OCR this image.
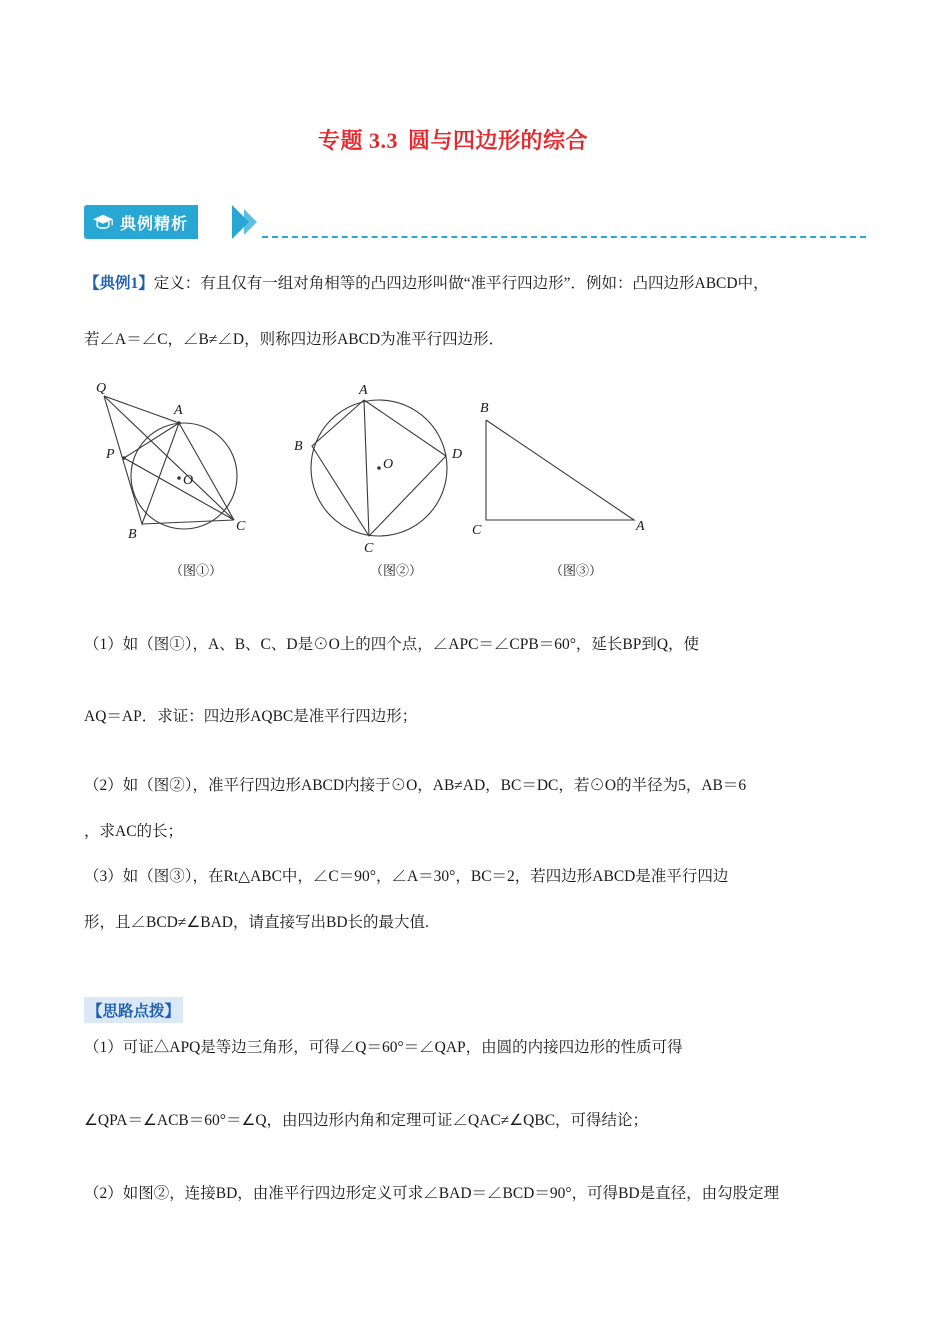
专题 3.3 圆与四边形的综合
典例精析
【典例1】定义：有且仅有一组对角相等的凸四边形叫做“准平行四边形”．例如：凸四边形ABCD中，
若∠A＝∠C，∠B≠∠D，则称四边形ABCD为准平行四边形．
Q
A
P
O
B
C
（图①）
A
B
O
D
C
（图②）
B
C	A
（图③）
（1）如（图①），A、B、C、D是⊙O上的四个点，∠APC＝∠CPB＝60°，延长BP到Q，使
AQ＝AP．求证：四边形AQBC是准平行四边形；
（2）如（图②），准平行四边形ABCD内接于⊙O，AB≠AD，BC＝DC，若⊙O的半径为5，AB＝6
，求AC的长；
（3）如（图③），在Rt△ABC中，∠C＝90°，∠A＝30°，BC＝2，若四边形ABCD是准平行四边
形，且∠BCD≠∠BAD，请直接写出BD长的最大值.
【思路点拨】
（1）可证△APQ是等边三角形，可得∠Q＝60°＝∠QAP，由圆的内接四边形的性质可得
∠QPA＝∠ACB＝60°＝∠Q，由四边形内角和定理可证∠QAC≠∠QBC，可得结论；
（2）如图②，连接BD，由准平行四边形定义可求∠BAD＝∠BCD＝90°，可得BD是直径，由勾股定理
